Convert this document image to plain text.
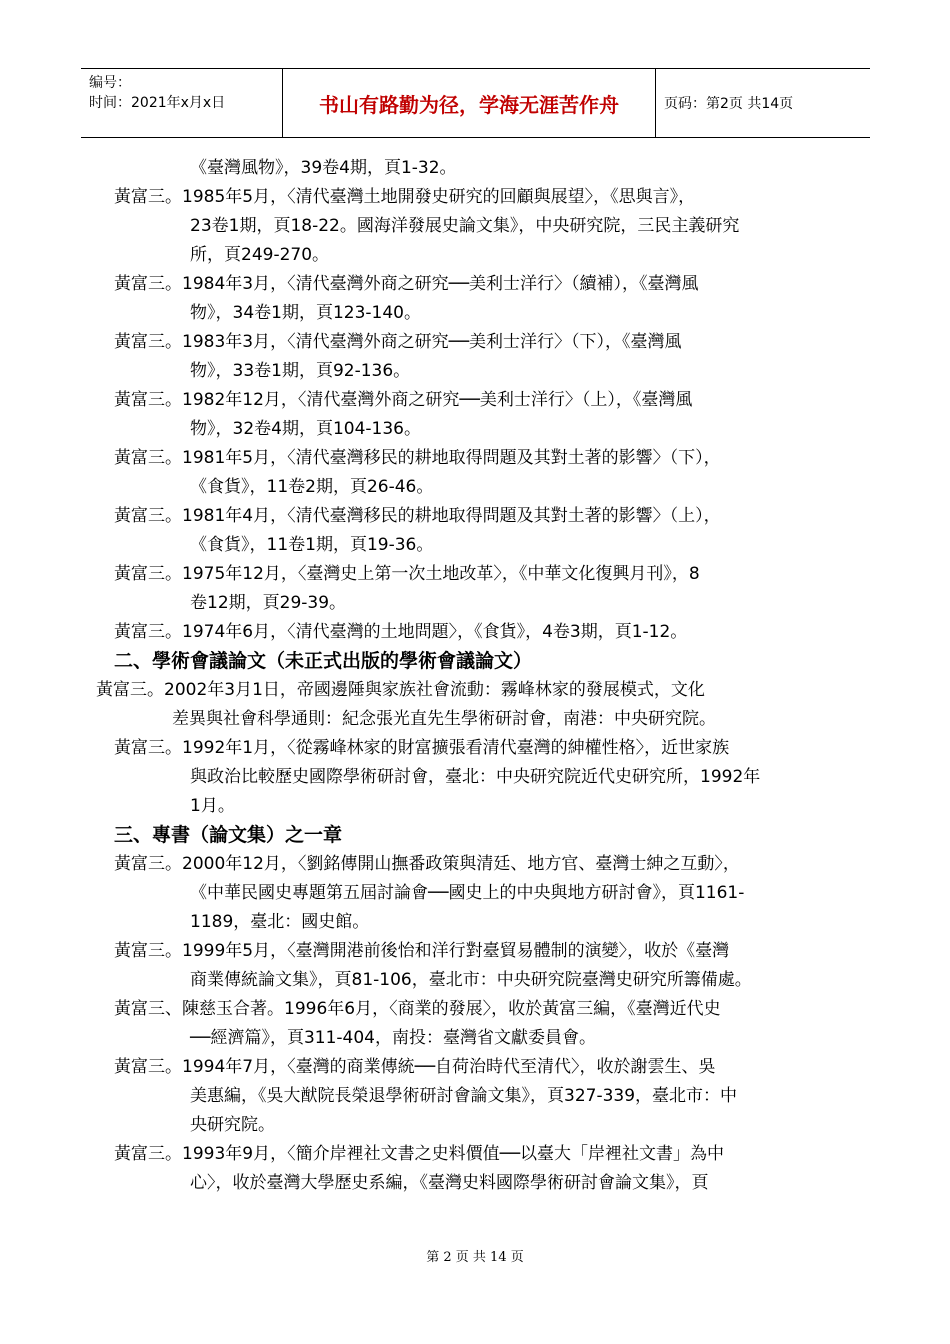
编号：
时间：2021年x月x日	书山有路勤为径，学海无涯苦作舟	页码：第2页 共14页
《臺灣風物》，39卷4期，頁1-32。
黃富三。1985年5月，〈清代臺灣土地開發史研究的回顧與展望〉，《思與言》，
23卷1期，頁18-22。國海洋發展史論文集》，中央研究院，三民主義研究
所，頁249-270。
黃富三。1984年3月，〈清代臺灣外商之研究──美利士洋行〉（續補），《臺灣風
物》，34卷1期，頁123-140。
黃富三。1983年3月，〈清代臺灣外商之研究──美利士洋行〉（下），《臺灣風
物》，33卷1期，頁92-136。
黃富三。1982年12月，〈清代臺灣外商之研究──美利士洋行〉（上），《臺灣風
物》，32卷4期，頁104-136。
黃富三。1981年5月，〈清代臺灣移民的耕地取得問題及其對土著的影響〉（下），
《食貨》，11卷2期，頁26-46。
黃富三。1981年4月，〈清代臺灣移民的耕地取得問題及其對土著的影響〉（上），
《食貨》，11卷1期，頁19-36。
黃富三。1975年12月，〈臺灣史上第一次土地改革〉，《中華文化復興月刊》，8
卷12期，頁29-39。
黃富三。1974年6月，〈清代臺灣的土地問題〉，《食貨》，4卷3期，頁1-12。
二、學術會議論文（未正式出版的學術會議論文）
黃富三。2002年3月1日，帝國邊陲與家族社會流動：霧峰林家的發展模式，文化
差異與社會科學通則：紀念張光直先生學術研討會，南港：中央研究院。
黃富三。1992年1月，〈從霧峰林家的財富擴張看清代臺灣的紳權性格〉，近世家族
與政治比較歷史國際學術研討會，臺北：中央研究院近代史研究所，1992年
1月。
三、專書（論文集）之一章
黃富三。2000年12月，〈劉銘傳開山撫番政策與清廷、地方官、臺灣士紳之互動〉，
《中華民國史專題第五屆討論會──國史上的中央與地方研討會》，頁1161-
1189，臺北：國史館。
黃富三。1999年5月，〈臺灣開港前後怡和洋行對臺貿易體制的演變〉，收於《臺灣
商業傳統論文集》，頁81-106，臺北市：中央研究院臺灣史研究所籌備處。
黃富三、陳慈玉合著。1996年6月，〈商業的發展〉，收於黃富三編，《臺灣近代史
──經濟篇》，頁311-404，南投：臺灣省文獻委員會。
黃富三。1994年7月，〈臺灣的商業傳統──自荷治時代至清代〉，收於謝雲生、吳
美惠編，《吳大猷院長榮退學術研討會論文集》，頁327-339，臺北市：中
央研究院。
黃富三。1993年9月，〈簡介岸裡社文書之史料價值──以臺大「岸裡社文書」為中
心〉，收於臺灣大學歷史系編，《臺灣史料國際學術研討會論文集》，頁
第 2 页 共 14 页
